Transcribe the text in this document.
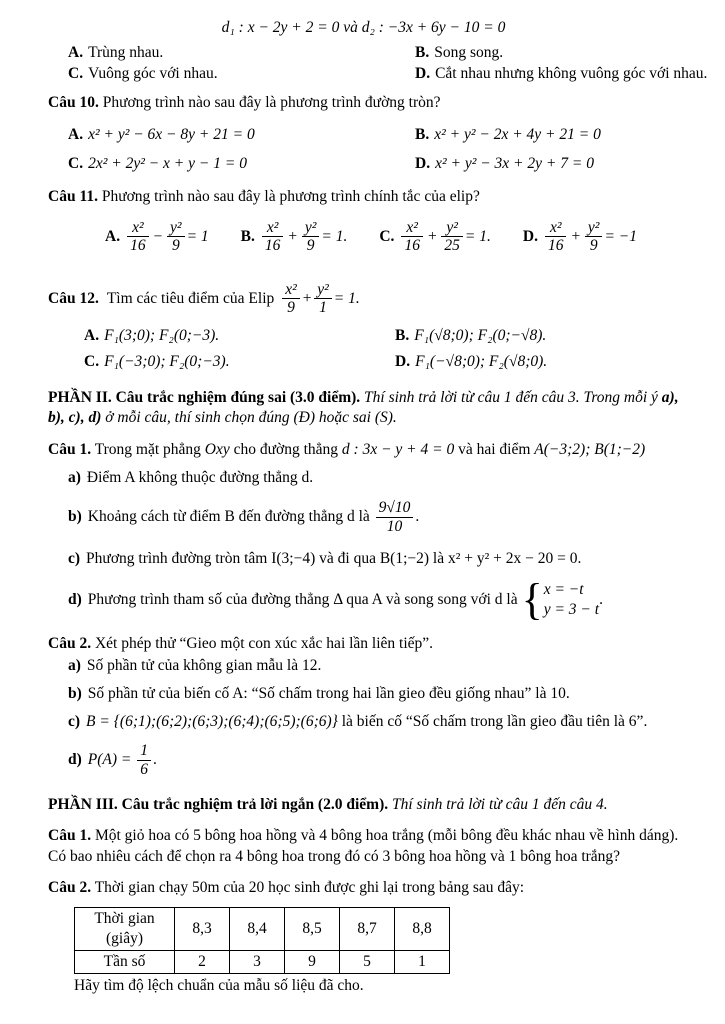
d₁ : x − 2y + 2 = 0 và d₂ : −3x + 6y − 10 = 0
A. Trùng nhau.	B. Song song.
C. Vuông góc với nhau.	D. Cắt nhau nhưng không vuông góc với nhau.
Câu 10. Phương trình nào sau đây là phương trình đường tròn?
A. x² + y² − 6x − 8y + 21 = 0	B. x² + y² − 2x + 4y + 21 = 0
C. 2x² + 2y² − x + y − 1 = 0	D. x² + y² − 3x + 2y + 7 = 0
Câu 11. Phương trình nào sau đây là phương trình chính tắc của elip?
A. $\frac{\text{x²}}{16} - \frac{\text{y²}}{9} = 1$ B. $\frac{\text{x²}}{16} + \frac{\text{y²}}{9} = 1$. C. $\frac{\text{x²}}{16} + \frac{\text{y²}}{25} = 1$. D. $\frac{\text{x²}}{16} + \frac{\text{y²}}{9} = -1$
Câu 12. Tìm các tiêu điểm của Elip $\frac{\text{x²}}{9} + \frac{\text{y²}}{1} = 1$.
A. F₁(3;0); F₂(0;−3).	B. F₁(√8;0); F₂(0;−√8).
C. F₁(−3;0); F₂(0;−3).	D. F₁(−√8;0); F₂(√8;0).
PHẦN II. Câu trắc nghiệm đúng sai (3.0 điểm). Thí sinh trả lời từ câu 1 đến câu 3. Trong mỗi ý a), b), c), d) ở mỗi câu, thí sinh chọn đúng (Đ) hoặc sai (S).
Câu 1. Trong mặt phẳng Oxy cho đường thẳng d : 3x − y + 4 = 0 và hai điểm A(−3;2); B(1;−2)
a) Điểm A không thuộc đường thẳng d.
b) Khoảng cách từ điểm B đến đường thẳng d là
$\frac{9√10}{10}$ .
c) Phương trình đường tròn tâm I(3;−4) và đi qua B(1;−2) là x² + y² + 2x − 20 = 0.
d) Phương trình tham số của đường thẳng Δ qua A và song song với d là { x = −t
y = 3 − t
.
Câu 2. Xét phép thử “Gieo một con xúc xắc hai lần liên tiếp”.
a) Số phần tử của không gian mẫu là 12.
b) Số phần tử của biến cố A: “Số chấm trong hai lần gieo đều giống nhau” là 10.
c) B = {(6;1);(6;2);(6;3);(6;4);(6;5);(6;6)} là biến cố “Số chấm trong lần gieo đầu tiên là 6”.
d) P(A) =
$\frac{1}{6}$ .
PHẦN III. Câu trắc nghiệm trả lời ngắn (2.0 điểm). Thí sinh trả lời từ câu 1 đến câu 4.
Câu 1. Một giỏ hoa có 5 bông hoa hồng và 4 bông hoa trắng (mỗi bông đều khác nhau về hình dáng). Có bao nhiêu cách để chọn ra 4 bông hoa trong đó có 3 bông hoa hồng và 1 bông hoa trắng?
Câu 2. Thời gian chạy 50m của 20 học sinh được ghi lại trong bảng sau đây:
Thời gian (giây)	8,3	8,4	8,5	8,7	8,8
Tần số	2	3	9	5	1
Hãy tìm độ lệch chuẩn của mẫu số liệu đã cho.
